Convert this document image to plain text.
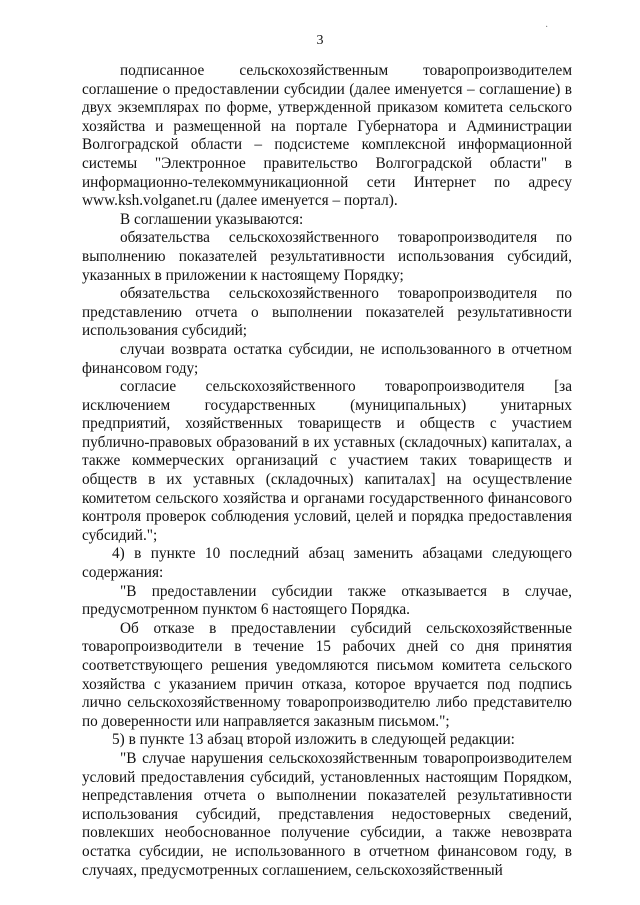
·
3

подписанное сельскохозяйственным товаропроизводителем соглашение о предоставлении субсидии (далее именуется – соглашение) в двух экземплярах по форме, утвержденной приказом комитета сельского хозяйства и размещенной на портале Губернатора и Администрации Волгоградской области – подсистеме комплексной информационной системы "Электронное правительство Волгоградской области" в информационно-телекоммуникационной сети Интернет по адресу www.ksh.volganet.ru (далее именуется – портал).

В соглашении указываются:

обязательства сельскохозяйственного товаропроизводителя по выполнению показателей результативности использования субсидий, указанных в приложении к настоящему Порядку;

обязательства сельскохозяйственного товаропроизводителя по представлению отчета о выполнении показателей результативности использования субсидий;

случаи возврата остатка субсидии, не использованного в отчетном финансовом году;

согласие сельскохозяйственного товаропроизводителя [за исключением государственных (муниципальных) унитарных предприятий, хозяйственных товариществ и обществ с участием публично-правовых образований в их уставных (складочных) капиталах, а также коммерческих организаций с участием таких товариществ и обществ в их уставных (складочных) капиталах] на осуществление комитетом сельского хозяйства и органами государственного финансового контроля проверок соблюдения условий, целей и порядка предоставления субсидий.";

4) в пункте 10 последний абзац заменить абзацами следующего содержания:

"В предоставлении субсидии также отказывается в случае, предусмотренном пунктом 6 настоящего Порядка.

Об отказе в предоставлении субсидий сельскохозяйственные товаропроизводители в течение 15 рабочих дней со дня принятия соответствующего решения уведомляются письмом комитета сельского хозяйства с указанием причин отказа, которое вручается под подпись лично сельскохозяйственному товаропроизводителю либо представителю по доверенности или направляется заказным письмом.";

5) в пункте 13 абзац второй изложить в следующей редакции:

"В случае нарушения сельскохозяйственным товаропроизводителем условий предоставления субсидий, установленных настоящим Порядком, непредставления отчета о выполнении показателей результативности использования субсидий, представления недостоверных сведений, повлекших необоснованное получение субсидии, а также невозврата остатка субсидии, не использованного в отчетном финансовом году, в случаях, предусмотренных соглашением, сельскохозяйственный
